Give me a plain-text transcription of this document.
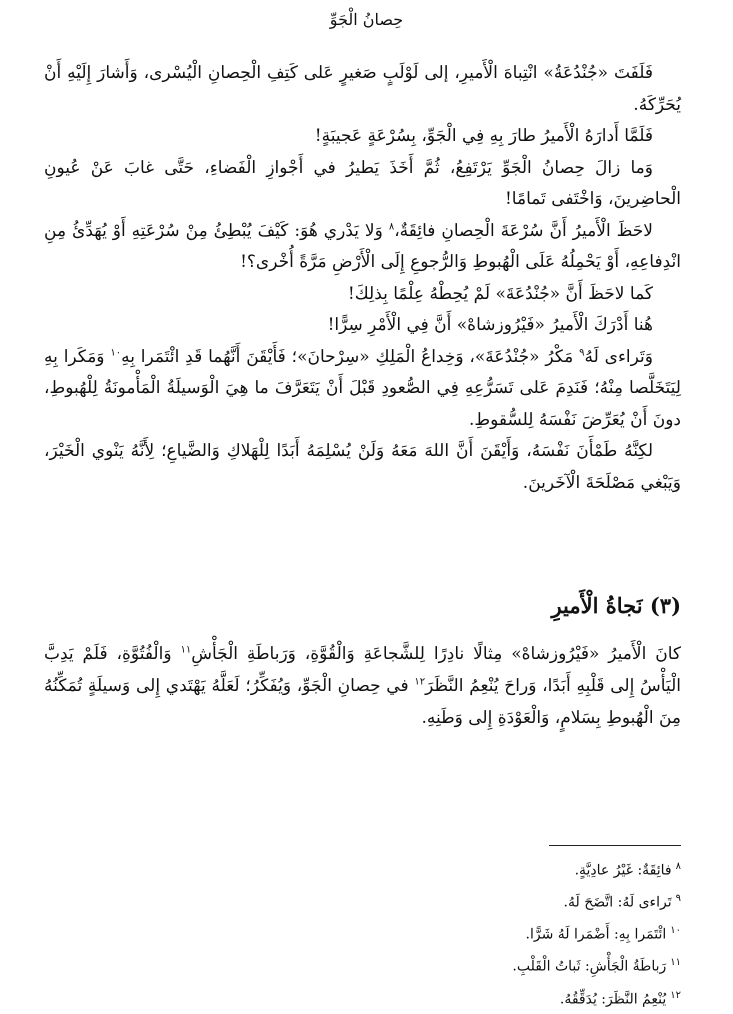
حِصانُ الْجَوِّ

فَلَفَتَ «جُنْدُعَةُ» انْتِباهَ الْأَميرِ، إلى لَوْلَبٍ صَغيرٍ عَلى كَتِفِ الْحِصانِ الْيُسْرى، وَأَشارَ إِلَيْهِ أَنْ يُحَرِّكَهُ.

فَلَمَّا أَدارَهُ الْأَميرُ طارَ بِهِ فِي الْجَوِّ، بِسُرْعَةٍ عَجيبَةٍ!

وَما زالَ حِصانُ الْجَوِّ يَرْتَفِعُ، ثُمَّ أَخَذَ يَطيرُ في أَجْوازِ الْفَضاءِ، حَتَّى غابَ عَنْ عُيونِ الْحاضِرينَ، وَاخْتَفى تَمامًا!

لاحَظَ الْأَميرُ أَنَّ سُرْعَةَ الْحِصانِ فائِقَةٌ،$^٨$ وَلا يَدْري هُوَ: كَيْفَ يُبْطِئُ مِنْ سُرْعَتِهِ أَوْ يُهَدِّئُ مِنِ انْدِفاعِهِ، أَوْ يَحْمِلُهُ عَلَى الْهُبوطِ وَالرُّجوعِ إِلَى الْأَرْضِ مَرَّةً أُخْرى؟!

كَما لاحَظَ أَنَّ «جُنْدُعَةَ» لَمْ يُحِطْهُ عِلْمًا بِذلِكَ!

هُنا أَدْرَكَ الْأَميرُ «فَيْرُوزشاهْ» أَنَّ فِي الْأَمْرِ سِرًّا!

وَتَراءى لَهُ$^٩$ مَكْرُ «جُنْدُعَةَ»، وَخِداعُ الْمَلِكِ «سِرْحانَ»؛ فَأَيْقَنَ أَنَّهُما قَدِ ائْتَمَرا بِهِ$^{١٠}$ وَمَكَرا بِهِ لِيَتَخَلَّصا مِنْهُ؛ فَنَدِمَ عَلى تَسَرُّعِهِ فِي الصُّعودِ قَبْلَ أَنْ يَتَعَرَّفَ ما هِيَ الْوَسيلَةُ الْمَأْمونَةُ لِلْهُبوطِ، دونَ أَنْ يُعَرِّضَ نَفْسَهُ لِلسُّقوطِ.

لكِنَّهُ طَمْأَنَ نَفْسَهُ، وَأَيْقَنَ أَنَّ اللهَ مَعَهُ وَلَنْ يُسْلِمَهُ أَبَدًا لِلْهَلاكِ وَالضَّياعِ؛ لِأَنَّهُ يَنْوي الْخَيْرَ، وَيَبْغي مَصْلَحَةَ الْآخَرينَ.

(٣) نَجاةُ الْأَميرِ

كانَ الْأَميرُ «فَيْرُوزشاهْ» مِثالًا نادِرًا لِلشَّجاعَةِ وَالْقُوَّةِ، وَرَباطَةِ الْجَأْشِ$^{١١}$ وَالْفُتُوَّةِ، فَلَمْ يَدِبَّ الْيَأْسُ إِلى قَلْبِهِ أَبَدًا، وَراحَ يُنْعِمُ النَّظَرَ$^{١٢}$ في حِصانِ الْجَوِّ، وَيُفَكِّرُ؛ لَعَلَّهُ يَهْتَدي إِلى وَسيلَةٍ تُمَكِّنُهُ مِنَ الْهُبوطِ بِسَلامٍ، وَالْعَوْدَةِ إِلى وَطَنِهِ.

$^٨$فائِقَةٌ: غَيْرُ عادِيَّةٍ.
$^٩$تَراءى لَهُ: اتَّضَحَ لَهُ.
$^{١٠}$ائْتَمَرا بِهِ: أَضْمَرا لَهُ شَرًّا.
$^{١١}$رَباطَةُ الْجَأْشِ: ثَباتُ الْقَلْبِ.
$^{١٢}$يُنْعِمُ النَّظَرَ: يُدَقِّقُهُ.
